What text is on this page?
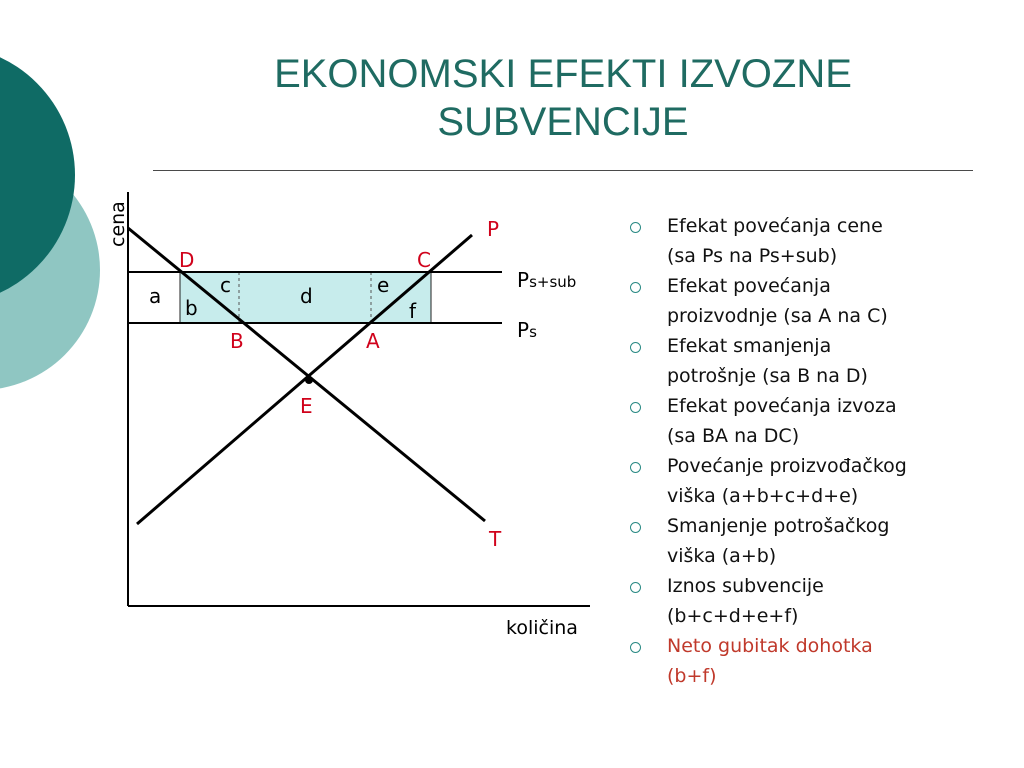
EKONOMSKI EFEKTI IZVOZNE
SUBVENCIJE
cena
količina
P
T
Ps+sub
Ps
D	C
B	A
E
a b
c	d	e
f
Efekat povećanja cene
(sa Ps na Ps+sub)
Efekat povećanja
proizvodnje (sa A na C)
Efekat smanjenja
potrošnje (sa B na D)
Efekat povećanja izvoza
(sa BA na DC)
Povećanje proizvođačkog
viška (a+b+c+d+e)
Smanjenje potrošačkog
viška (a+b)
Iznos subvencije
(b+c+d+e+f)
Neto gubitak dohotka
(b+f)
